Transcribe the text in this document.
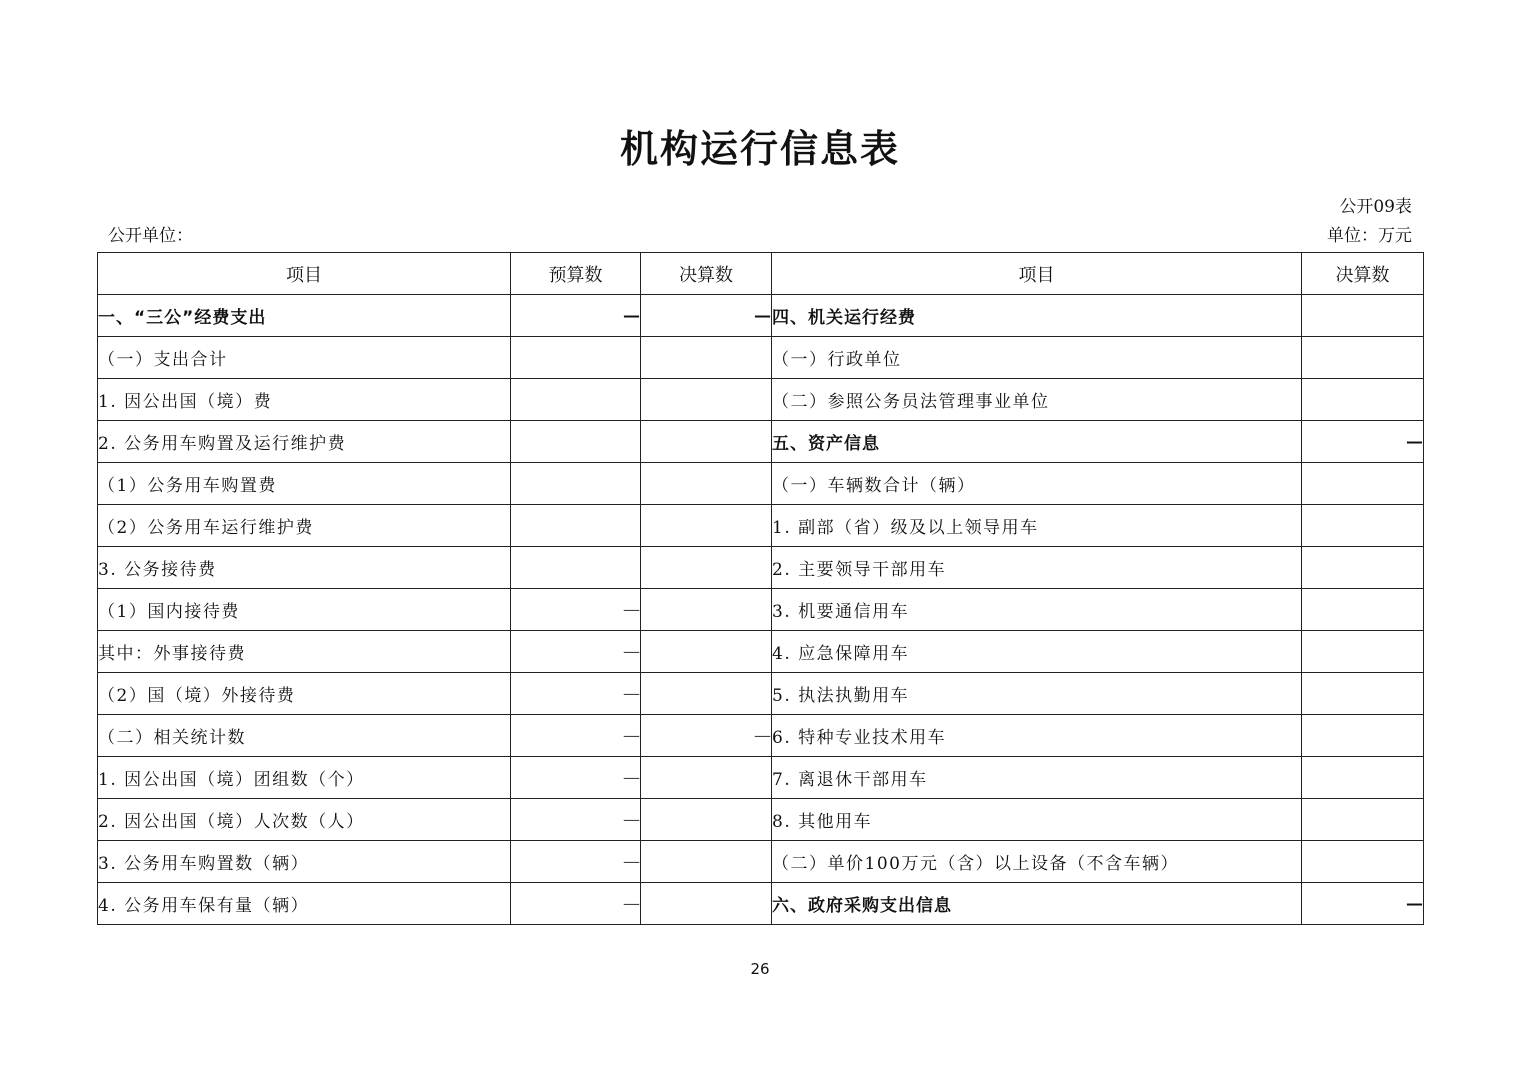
机构运行信息表
公开09表
公开单位：	单位：万元
项目	预算数	决算数	项目	决算数
一、“三公”经费支出	—	—	四、机关运行经费	
（一）支出合计			（一）行政单位	
1. 因公出国（境）费			（二）参照公务员法管理事业单位	
2. 公务用车购置及运行维护费			五、资产信息	—
（1）公务用车购置费			（一）车辆数合计（辆）	
（2）公务用车运行维护费			1. 副部（省）级及以上领导用车	
3. 公务接待费			2. 主要领导干部用车	
（1）国内接待费	—		3. 机要通信用车	
其中：外事接待费	—		4. 应急保障用车	
（2）国（境）外接待费	—		5. 执法执勤用车	
（二）相关统计数	—	—	6. 特种专业技术用车	
1. 因公出国（境）团组数（个）	—		7. 离退休干部用车	
2. 因公出国（境）人次数（人）	—		8. 其他用车	
3. 公务用车购置数（辆）	—		（二）单价100万元（含）以上设备（不含车辆）	
4. 公务用车保有量（辆）	—		六、政府采购支出信息	—
26
